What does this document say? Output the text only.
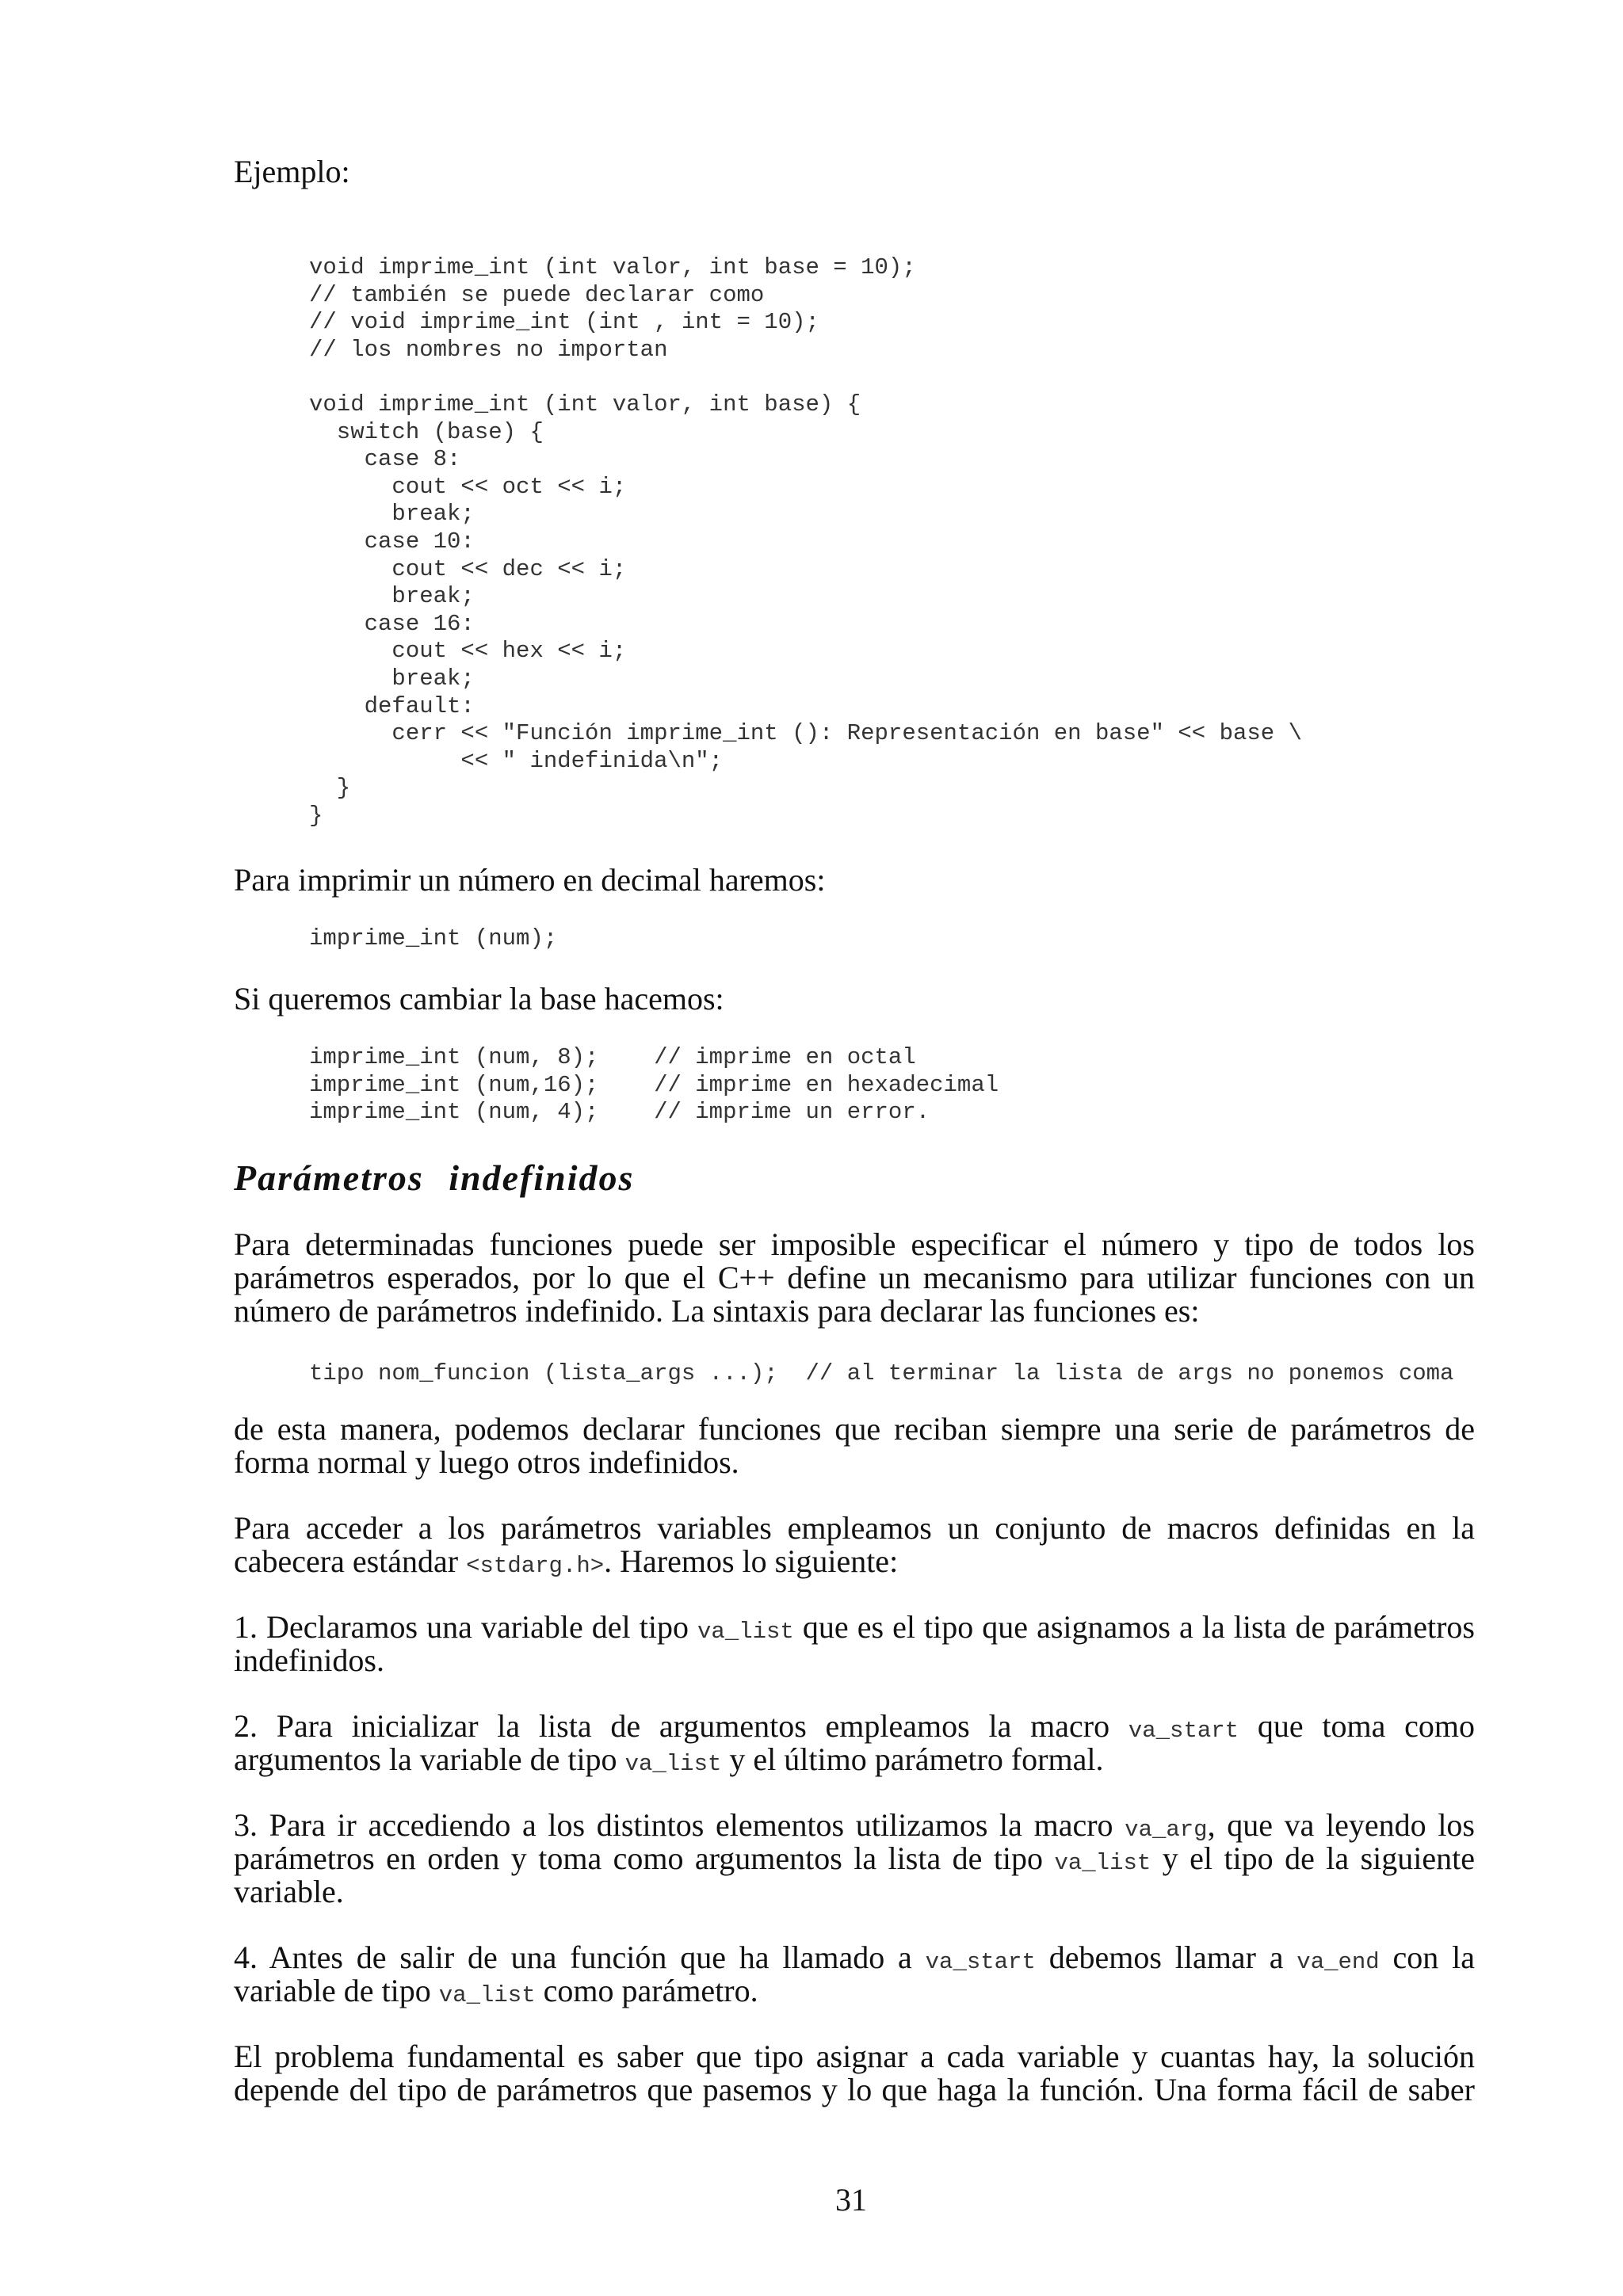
Ejemplo:
void imprime_int (int valor, int base = 10);
// también se puede declarar como
// void imprime_int (int , int = 10);
// los nombres no importan

void imprime_int (int valor, int base) {
switch (base) {
case 8:
cout << oct << i;
break;
case 10:
cout << dec << i;
break;
case 16:
cout << hex << i;
break;
default:
cerr << "Función imprime_int (): Representación en base" << base \
<< " indefinida\n";
}
}
Para imprimir un número en decimal haremos:
imprime_int (num);
Si queremos cambiar la base hacemos:
imprime_int (num, 8);    // imprime en octal
imprime_int (num,16);    // imprime en hexadecimal
imprime_int (num, 4);    // imprime un error.
Parámetros indefinidos
Para determinadas funciones puede ser imposible especificar el número y tipo de todos los
parámetros esperados, por lo que el C++ define un mecanismo para utilizar funciones con un
número de parámetros indefinido. La sintaxis para declarar las funciones es:
tipo nom_funcion (lista_args ...);  // al terminar la lista de args no ponemos coma
de esta manera, podemos declarar funciones que reciban siempre una serie de parámetros de
forma normal y luego otros indefinidos.
Para acceder a los parámetros variables empleamos un conjunto de macros definidas en la
cabecera estándar <stdarg.h>. Haremos lo siguiente:
1. Declaramos una variable del tipo va_list que es el tipo que asignamos a la lista de parámetros
indefinidos.
2. Para inicializar la lista de argumentos empleamos la macro va_start que toma como
argumentos la variable de tipo va_list y el último parámetro formal.
3. Para ir accediendo a los distintos elementos utilizamos la macro va_arg, que va leyendo los
parámetros en orden y toma como argumentos la lista de tipo va_list y el tipo de la siguiente
variable.
4. Antes de salir de una función que ha llamado a va_start debemos llamar a va_end con la
variable de tipo va_list como parámetro.
El problema fundamental es saber que tipo asignar a cada variable y cuantas hay, la solución
depende del tipo de parámetros que pasemos y lo que haga la función. Una forma fácil de saber
31
